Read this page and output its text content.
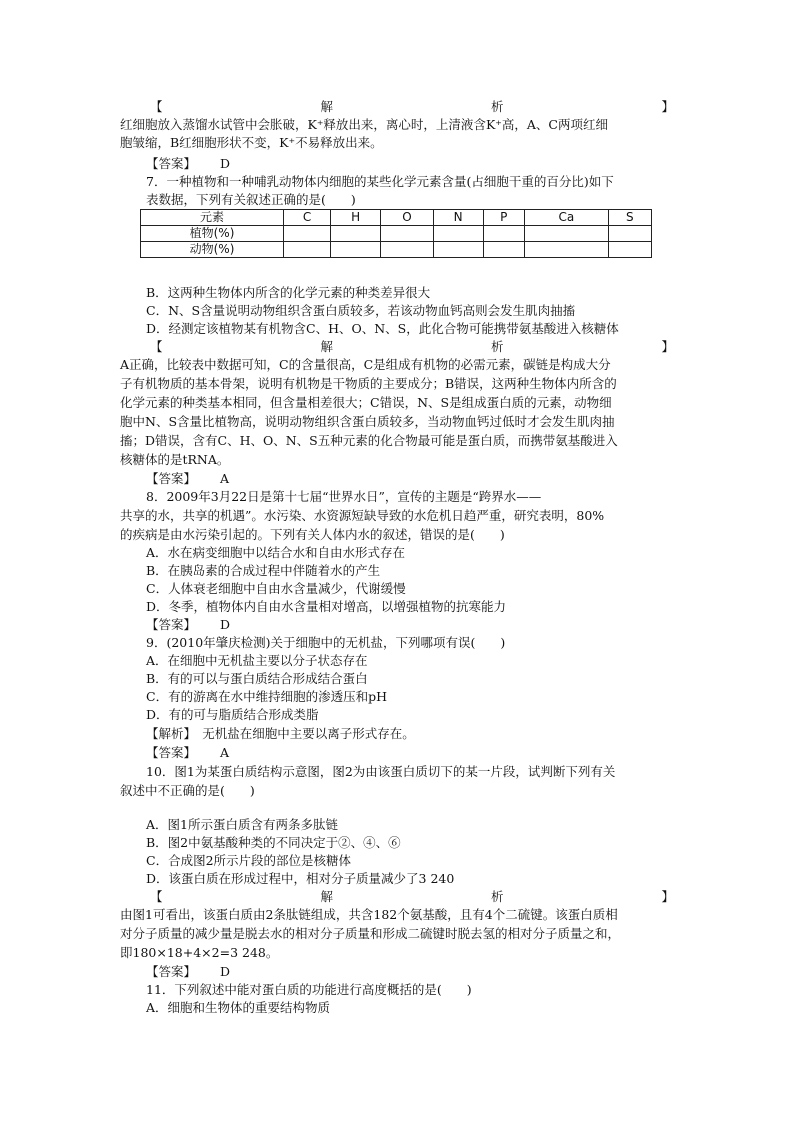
【	解	析	】
红细胞放入蒸馏水试管中会胀破，K⁺释放出来，离心时，上清液含K⁺高，A、C两项红细
胞皱缩，B红细胞形状不变，K⁺不易释放出来。
【答案】 D
7．一种植物和一种哺乳动物体内细胞的某些化学元素含量(占细胞干重的百分比)如下
表数据，下列有关叙述正确的是(　　)
元素	C	H	O	N	P	Ca	S
植物(%)							
动物(%)							
B．这两种生物体内所含的化学元素的种类差异很大
C．N、S含量说明动物组织含蛋白质较多，若该动物血钙高则会发生肌肉抽搐
D．经测定该植物某有机物含C、H、O、N、S，此化合物可能携带氨基酸进入核糖体
【	解	析	】
A正确，比较表中数据可知，C的含量很高，C是组成有机物的必需元素，碳链是构成大分
子有机物质的基本骨架，说明有机物是干物质的主要成分；B错误，这两种生物体内所含的
化学元素的种类基本相同，但含量相差很大；C错误，N、S是组成蛋白质的元素，动物细
胞中N、S含量比植物高，说明动物组织含蛋白质较多，当动物血钙过低时才会发生肌肉抽
搐；D错误，含有C、H、O、N、S五种元素的化合物最可能是蛋白质，而携带氨基酸进入
核糖体的是tRNA。
【答案】 A
8．2009年3月22日是第十七届“世界水日”，宣传的主题是“跨界水——
共享的水，共享的机遇”。水污染、水资源短缺导致的水危机日趋严重，研究表明，80%
的疾病是由水污染引起的。下列有关人体内水的叙述，错误的是(　　)
A．水在病变细胞中以结合水和自由水形式存在
B．在胰岛素的合成过程中伴随着水的产生
C．人体衰老细胞中自由水含量减少，代谢缓慢
D．冬季，植物体内自由水含量相对增高，以增强植物的抗寒能力
【答案】 D
9．(2010年肇庆检测)关于细胞中的无机盐，下列哪项有误(　　)
A．在细胞中无机盐主要以分子状态存在
B．有的可以与蛋白质结合形成结合蛋白
C．有的游离在水中维持细胞的渗透压和pH
D．有的可与脂质结合形成类脂
【解析】　无机盐在细胞中主要以离子形式存在。
【答案】 A
10．图1为某蛋白质结构示意图，图2为由该蛋白质切下的某一片段，试判断下列有关
叙述中不正确的是(　　)
A．图1所示蛋白质含有两条多肽链
B．图2中氨基酸种类的不同决定于②、④、⑥
C．合成图2所示片段的部位是核糖体
D．该蛋白质在形成过程中，相对分子质量减少了3 240
【	解	析	】
由图1可看出，该蛋白质由2条肽链组成，共含182个氨基酸，且有4个二硫键。该蛋白质相
对分子质量的减少量是脱去水的相对分子质量和形成二硫键时脱去氢的相对分子质量之和，
即180×18+4×2=3 248。
【答案】 D
11．下列叙述中能对蛋白质的功能进行高度概括的是(　　)
A．细胞和生物体的重要结构物质
